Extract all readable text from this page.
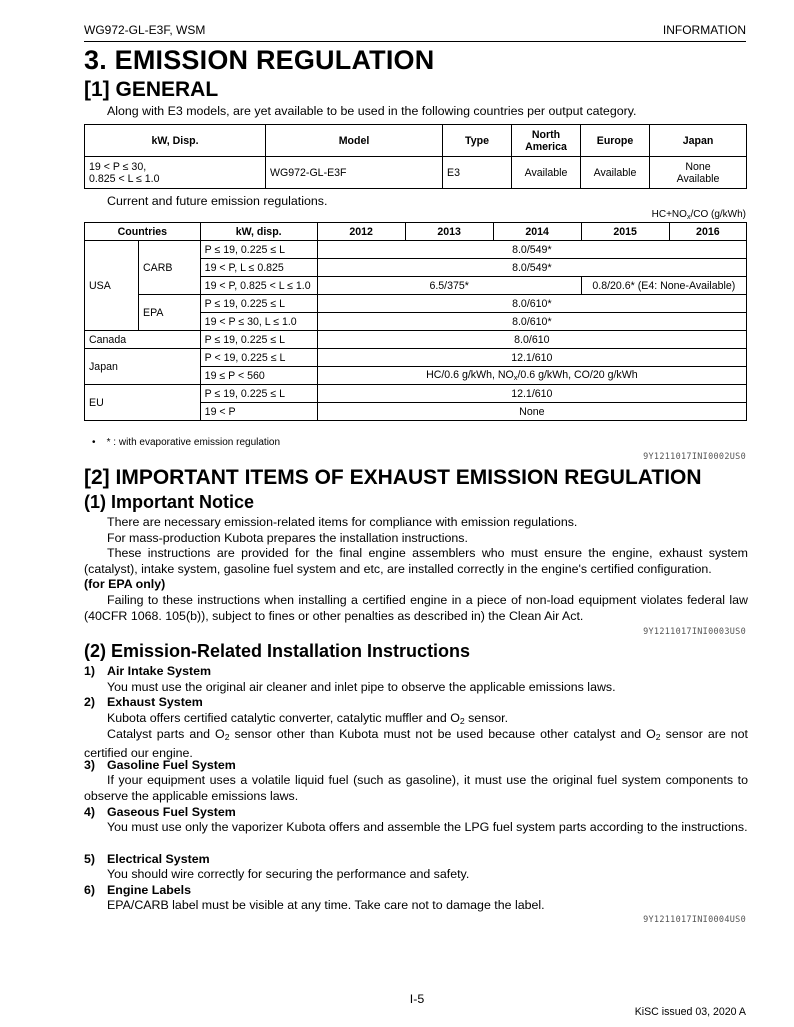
WG972-GL-E3F, WSM	INFORMATION
3. EMISSION REGULATION
[1] GENERAL
Along with E3 models, are yet available to be used in the following countries per output category.
kW, Disp.	Model	Type	North America	Europe	Japan
19 < P ≤ 30,
0.825 < L ≤ 1.0	WG972-GL-E3F	E3	Available	Available	None
Available
Current and future emission regulations.
$HC+NO_x/CO$ (g/kWh)
Countries		kW, disp.	2012	2013	2014	2015	2016
USA	CARB	P ≤ 19, 0.225 ≤ L	8.0/549*				
		19 < P, L ≤ 0.825	8.0/549*				
		19 < P, 0.825 < L ≤ 1.0	6.5/375*			0.8/20.6* (E4: None-Available)	
	EPA	P ≤ 19, 0.225 ≤ L	8.0/610*				
		19 < P ≤ 30, L ≤ 1.0	8.0/610*				
Canada		P ≤ 19, 0.225 ≤ L	8.0/610				
Japan		P < 19, 0.225 ≤ L	12.1/610				
		19 ≤ P < 560	HC/0.6 g/kWh, $NO_x/0.6$ g/kWh, CO/20 g/kWh				
EU		P ≤ 19, 0.225 ≤ L	12.1/610				
		19 < P	None				
•    * : with evaporative emission regulation
9Y1211017INI0002US0
[2] IMPORTANT ITEMS OF EXHAUST EMISSION REGULATION
(1) Important Notice
There are necessary emission-related items for compliance with emission regulations.
For mass-production Kubota prepares the installation instructions.
These instructions are provided for the final engine assemblers who must ensure the engine, exhaust system (catalyst), intake system, gasoline fuel system and etc, are installed correctly in the engine's certified configuration.
(for EPA only)
Failing to these instructions when installing a certified engine in a piece of non-load equipment violates federal law (40CFR 1068. 105(b)), subject to fines or other penalties as described in) the Clean Air Act.
9Y1211017INI0003US0
(2) Emission-Related Installation Instructions
1) Air Intake System
You must use the original air cleaner and inlet pipe to observe the applicable emissions laws.
2) Exhaust System
Kubota offers certified catalytic converter, catalytic muffler and $O_2$ sensor.
Catalyst parts and $O_2$ sensor other than Kubota must not be used because other catalyst and $O_2$ sensor are not certified our engine.
3) Gasoline Fuel System
If your equipment uses a volatile liquid fuel (such as gasoline), it must use the original fuel system components to observe the applicable emissions laws.
4) Gaseous Fuel System
You must use only the vaporizer Kubota offers and assemble the LPG fuel system parts according to the instructions.
5) Electrical System
You should wire correctly for securing the performance and safety.
6) Engine Labels
EPA/CARB label must be visible at any time. Take care not to damage the label.
9Y1211017INI0004US0
I-5
KiSC issued 03, 2020 A
